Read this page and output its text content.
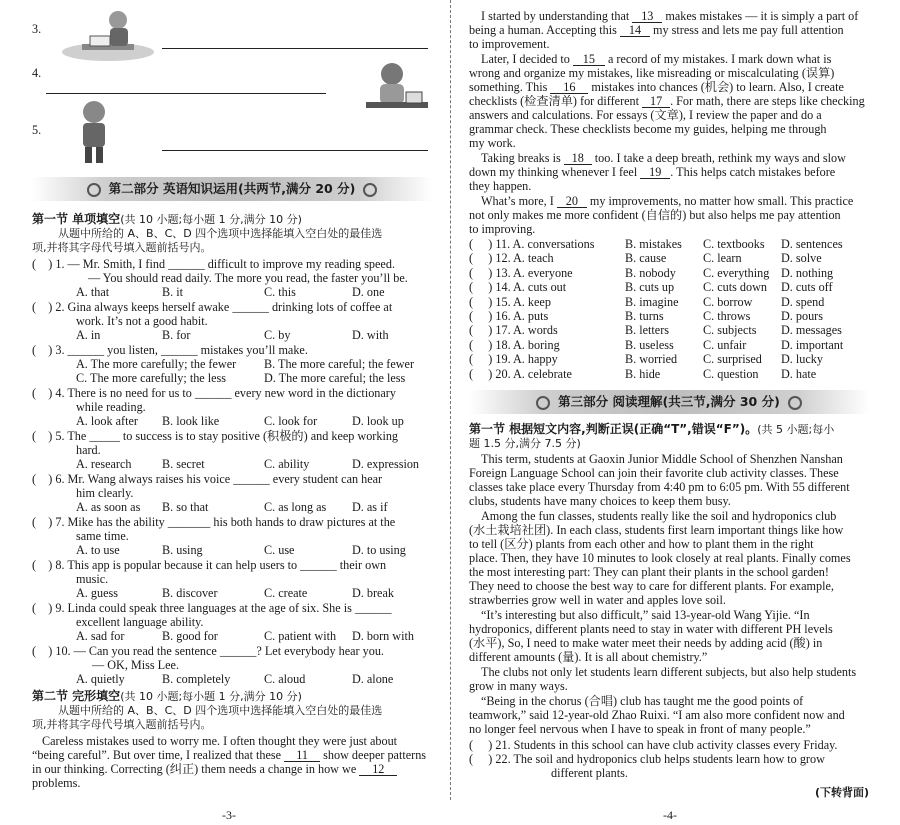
3.
4.
5.
第二部分 英语知识运用(共两节,满分 20 分)
第一节 单项填空(共 10 小题;每小题 1 分,满分 10 分)
从题中所给的 A、B、C、D 四个选项中选择能填入空白处的最佳选
项,并将其字母代号填入题前括号内。
(    ) 1. — Mr. Smith, I find ______ difficult to improve my reading speed.
— You should read daily. The more you read, the faster you’ll be.
A. that	B. it	C. this	D. one
(    ) 2. Gina always keeps herself awake ______ drinking lots of coffee at
work. It’s not a good habit.
A. in	B. for	C. by	D. with
(    ) 3. ______ you listen, ______ mistakes you’ll make.
A. The more carefully; the fewer B. The more careful; the fewer
C. The more carefully; the less	D. The more careful; the less
(    ) 4. There is no need for us to ______ every new word in the dictionary
while reading.
A. look after B. look like	C. look for	D. look up
(    ) 5. The _____ to success is to stay positive (积极的) and keep working
hard.
A. research	B. secret	C. ability	D. expression
(    ) 6. Mr. Wang always raises his voice ______ every student can hear
him clearly.
A. as soon as B. so that	C. as long as D. as if
(    ) 7. Mike has the ability _______ his both hands to draw pictures at the
same time.
A. to use	B. using	C. use	D. to using
(    ) 8. This app is popular because it can help users to ______ their own
music.
A. guess	B. discover	C. create	D. break
(    ) 9. Linda could speak three languages at the age of six. She is ______
excellent language ability.
A. sad for	B. good for	C. patient with D. born with
(    ) 10. — Can you read the sentence ______? Let everybody hear you.
— OK, Miss Lee.
A. quietly	B. completely	C. aloud	D. alone
第二节 完形填空(共 10 小题;每小题 1 分,满分 10 分)
从题中所给的 A、B、C、D 四个选项中选择能填入空白处的最佳选
项,并将其字母代号填入题前括号内。
Careless mistakes used to worry me. I often thought they were just about
“being careful”. But over time, I realized that these 11 show deeper patterns
in our thinking. Correcting (纠正) them needs a change in how we 12
problems.
-3-
I started by understanding that 13 makes mistakes — it is simply a part of
being a human. Accepting this 14 my stress and lets me pay full attention
to improvement.
Later, I decided to 15 a record of my mistakes. I mark down what is
wrong and organize my mistakes, like misreading or miscalculating (误算)
something. This 16 mistakes into chances (机会) to learn. Also, I create
checklists (检查清单) for different 17 . For math, there are steps like checking
answers and calculations. For essays (文章), I review the paper and do a
grammar check. These checklists become my guides, helping me through
my work.
Taking breaks is 18 too. I take a deep breath, rethink my ways and slow
down my thinking whenever I feel 19 . This helps catch mistakes before
they happen.
What’s more, I 20 my improvements, no matter how small. This practice
not only makes me more confident (自信的) but also helps me pay attention
to improving.
(     ) 11. A. conversations	B. mistakes C. textbooks D. sentences
(     ) 12. A. teach	B. cause	C. learn	D. solve
(     ) 13. A. everyone	B. nobody C. everything D. nothing
(     ) 14. A. cuts out	B. cuts up C. cuts down D. cuts off
(     ) 15. A. keep	B. imagine C. borrow D. spend
(     ) 16. A. puts	B. turns	C. throws	D. pours
(     ) 17. A. words	B. letters	C. subjects D. messages
(     ) 18. A. boring	B. useless C. unfair	D. important
(     ) 19. A. happy	B. worried C. surprised D. lucky
(     ) 20. A. celebrate	B. hide	C. question D. hate
第三部分 阅读理解(共三节,满分 30 分)
第一节 根据短文内容,判断正误(正确“T”,错误“F”)。(共 5 小题;每小
题 1.5 分,满分 7.5 分)
This term, students at Gaoxin Junior Middle School of Shenzhen Nanshan
Foreign Language School can join their favorite club activity classes. These
classes take place every Thursday from 4:40 pm to 6:05 pm. With 55 different
clubs, students have many choices to keep them busy.
Among the fun classes, students really like the soil and hydroponics club
(水土栽培社团). In each class, students first learn important things like how
to tell (区分) plants from each other and how to plant them in the right
place. Then, they have 10 minutes to look closely at real plants. Finally comes
the most interesting part: They can plant their plants in the school garden!
They need to choose the best way to care for different plants. For example,
strawberries grow well in water and apples love soil.
“It’s interesting but also difficult,” said 13-year-old Wang Yijie. “In
hydroponics, different plants need to stay in water with different PH levels
(水平), So, I need to make water meet their needs by adding acid (酸) in
different amounts (量). It is all about chemistry.”
The clubs not only let students learn different subjects, but also help students
grow in many ways.
“Being in the chorus (合唱) club has taught me the good points of
teamwork,” said 12-year-old Zhao Ruixi. “I am also more confident now and
no longer feel nervous when I have to speak in front of many people.”
(     ) 21. Students in this school can have club activity classes every Friday.
(     ) 22. The soil and hydroponics club helps students learn how to grow
different plants.
(下转背面)
-4-
